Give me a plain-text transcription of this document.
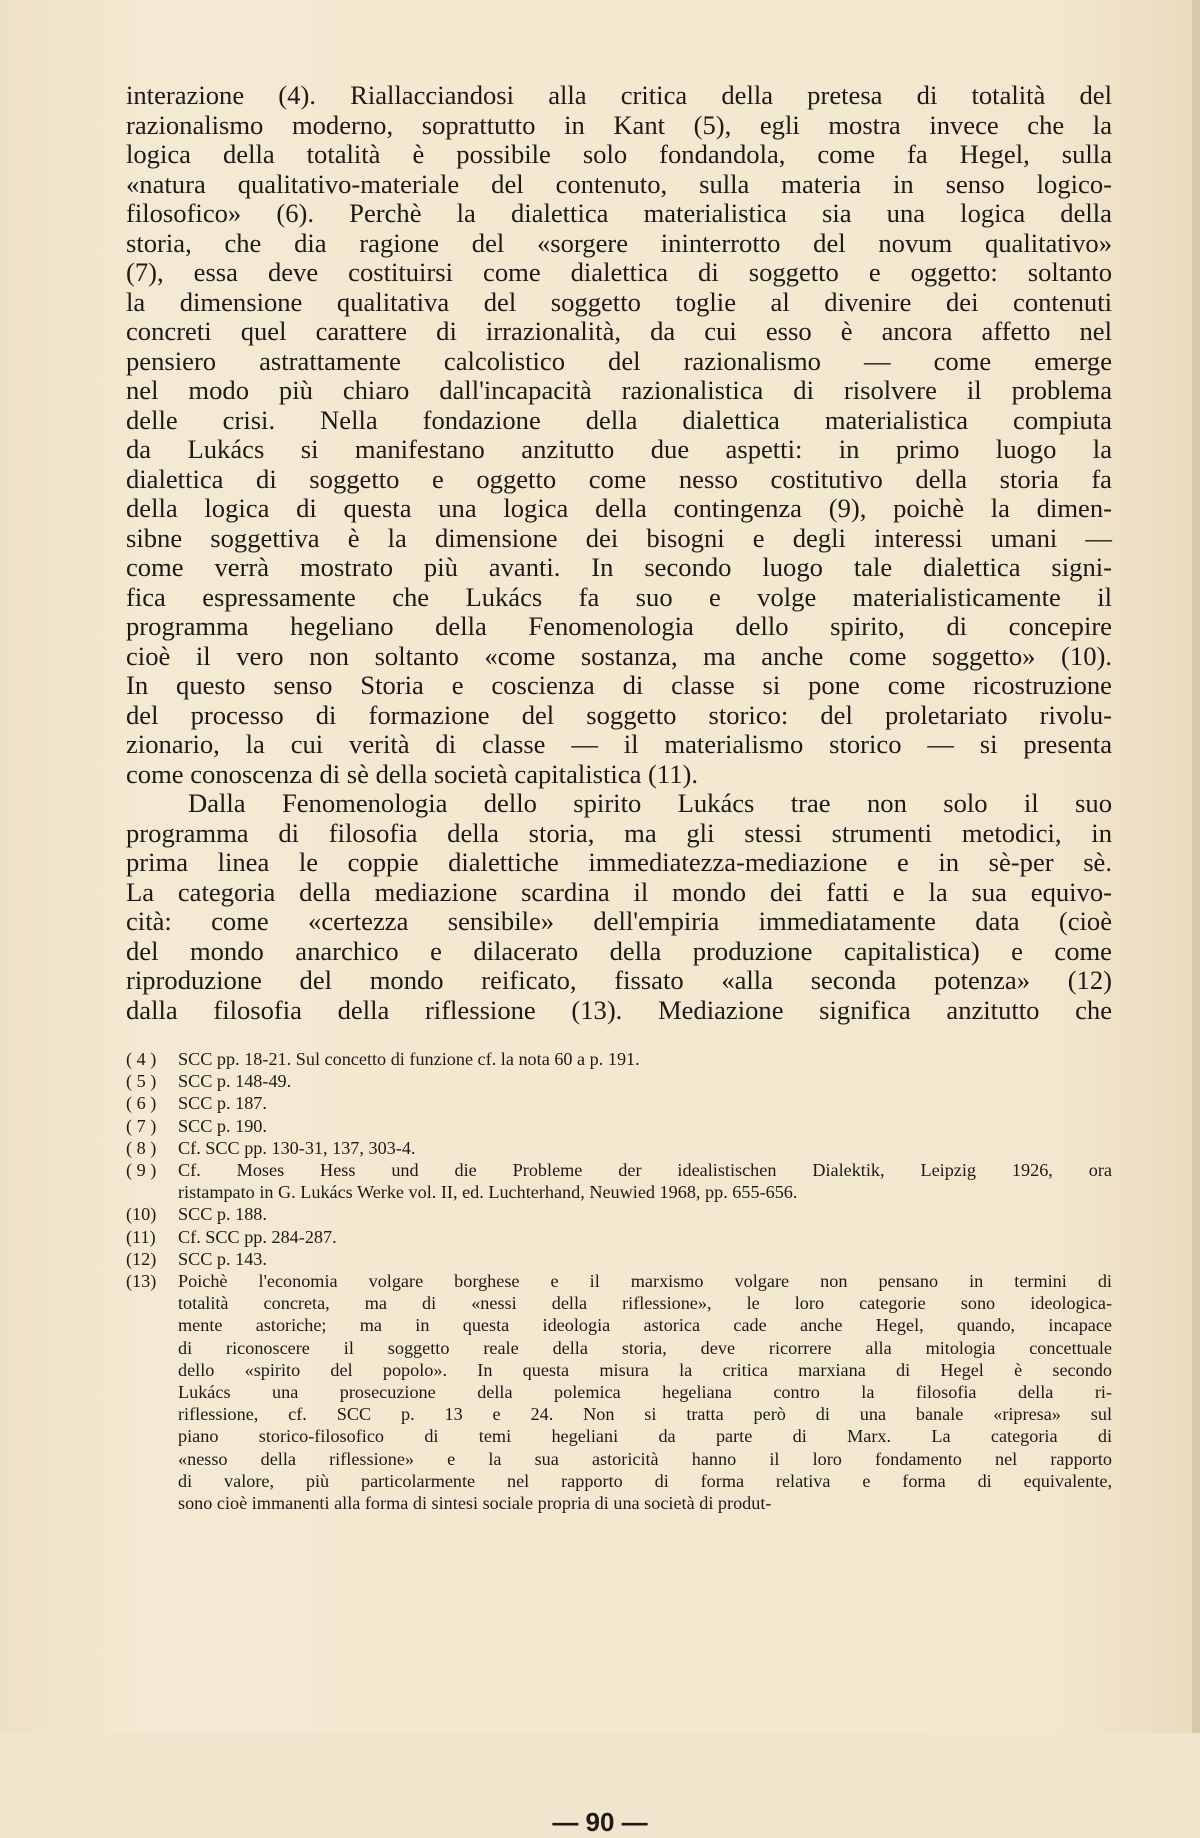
interazione (4). Riallacciandosi alla critica della pretesa di totalità del

razionalismo moderno, soprattutto in Kant (5), egli mostra invece che la

logica della totalità è possibile solo fondandola, come fa Hegel, sulla

«natura qualitativo-materiale del contenuto, sulla materia in senso logico-

filosofico» (6). Perchè la dialettica materialistica sia una logica della

storia, che dia ragione del «sorgere ininterrotto del novum qualitativo»

(7), essa deve costituirsi come dialettica di soggetto e oggetto: soltanto

la dimensione qualitativa del soggetto toglie al divenire dei contenuti

concreti quel carattere di irrazionalità, da cui esso è ancora affetto nel

pensiero astrattamente calcolistico del razionalismo — come emerge

nel modo più chiaro dall'incapacità razionalistica di risolvere il problema

delle crisi. Nella fondazione della dialettica materialistica compiuta

da Lukács si manifestano anzitutto due aspetti: in primo luogo la

dialettica di soggetto e oggetto come nesso costitutivo della storia fa

della logica di questa una logica della contingenza (9), poichè la dimen-

sibne soggettiva è la dimensione dei bisogni e degli interessi umani —

come verrà mostrato più avanti. In secondo luogo tale dialettica signi-

fica espressamente che Lukács fa suo e volge materialisticamente il

programma hegeliano della Fenomenologia dello spirito, di concepire

cioè il vero non soltanto «come sostanza, ma anche come soggetto» (10).

In questo senso Storia e coscienza di classe si pone come ricostruzione

del processo di formazione del soggetto storico: del proletariato rivolu-

zionario, la cui verità di classe — il materialismo storico — si presenta

come conoscenza di sè della società capitalistica (11).

Dalla Fenomenologia dello spirito Lukács trae non solo il suo

programma di filosofia della storia, ma gli stessi strumenti metodici, in

prima linea le coppie dialettiche immediatezza-mediazione e in sè-per sè.

La categoria della mediazione scardina il mondo dei fatti e la sua equivo-

cità: come «certezza sensibile» dell'empiria immediatamente data (cioè

del mondo anarchico e dilacerato della produzione capitalistica) e come

riproduzione del mondo reificato, fissato «alla seconda potenza» (12)

dalla filosofia della riflessione (13). Mediazione significa anzitutto che

( 4 ) SCC pp. 18-21. Sul concetto di funzione cf. la nota 60 a p. 191.

( 5 ) SCC p. 148-49.

( 6 ) SCC p. 187.

( 7 ) SCC p. 190.

( 8 ) Cf. SCC pp. 130-31, 137, 303-4.

( 9 ) Cf. Moses Hess und die Probleme der idealistischen Dialektik, Leipzig 1926, ora

ristampato in G. Lukács Werke vol. II, ed. Luchterhand, Neuwied 1968, pp. 655-656.

(10) SCC p. 188.

(11) Cf. SCC pp. 284-287.

(12) SCC p. 143.

(13) Poichè l'economia volgare borghese e il marxismo volgare non pensano in termini di

totalità concreta, ma di «nessi della riflessione», le loro categorie sono ideologica-

mente astoriche; ma in questa ideologia astorica cade anche Hegel, quando, incapace

di riconoscere il soggetto reale della storia, deve ricorrere alla mitologia concettuale

dello «spirito del popolo». In questa misura la critica marxiana di Hegel è secondo

Lukács una prosecuzione della polemica hegeliana contro la filosofia della ri-

riflessione, cf. SCC p. 13 e 24. Non si tratta però di una banale «ripresa» sul

piano storico-filosofico di temi hegeliani da parte di Marx. La categoria di

«nesso della riflessione» e la sua astoricità hanno il loro fondamento nel rapporto

di valore, più particolarmente nel rapporto di forma relativa e forma di equivalente,

sono cioè immanenti alla forma di sintesi sociale propria di una società di produt-

— 90 —
